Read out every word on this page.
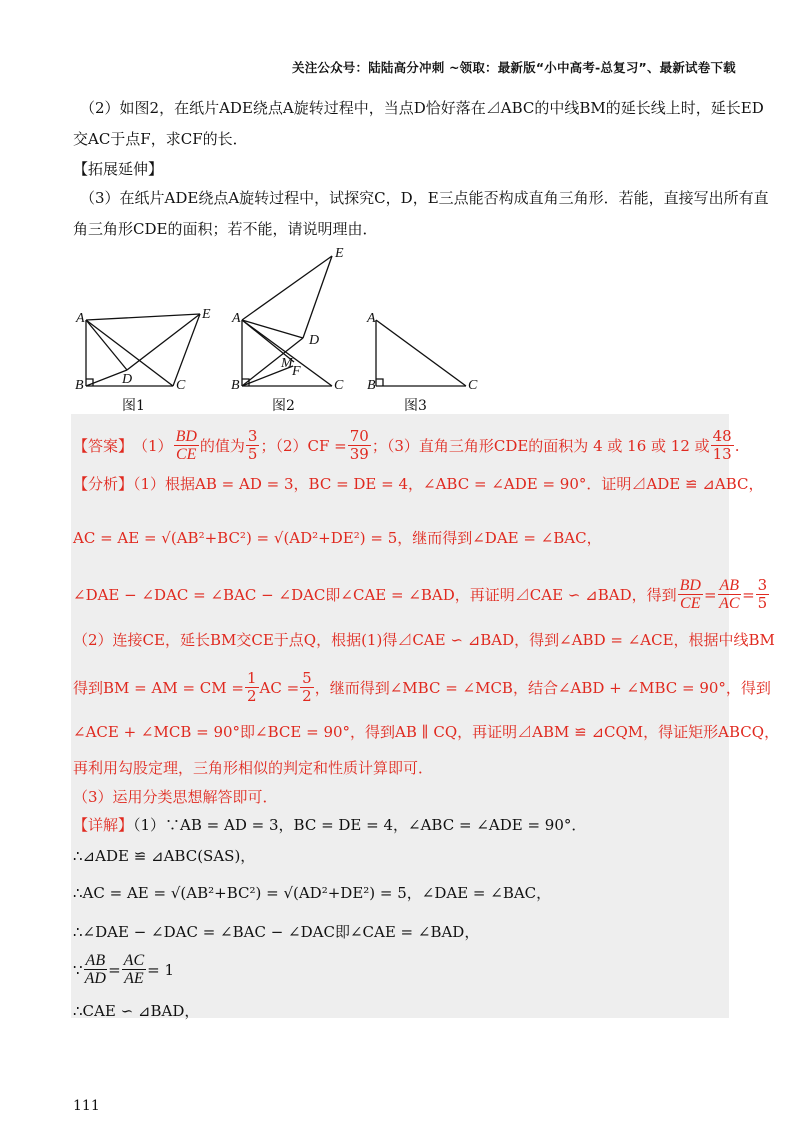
关注公众号：陆陆高分冲刺 ~领取：最新版“小中高考-总复习”、最新试卷下载
（2）如图2，在纸片ADE绕点A旋转过程中，当点D恰好落在⊿ABC的中线BM的延长线上时，延长ED
交AC于点F，求CF的长．
【拓展延伸】
（3）在纸片ADE绕点A旋转过程中，试探究C，D，E三点能否构成直角三角形．若能，直接写出所有直
角三角形CDE的面积；若不能，请说明理由．
A	E
B	D	C
E
A
D
M
F
B	C
A
B	C
图1	图2	图3
【答案】 $(1) \frac{BD}{CE}$ 的值为 $\frac{3}{5}$ ；$(2)CF = \frac{70}{39}$ ；（3）直角三角形CDE的面积为 4 或 16 或 12 或 $\frac{48}{13}$ .
【分析】（1）根据AB = AD = 3，BC = DE = 4，∠ABC = ∠ADE = 90°．证明⊿ADE ≌ ⊿ABC，
AC = AE = √(AB²+BC²) = √(AD²+DE²) = 5，继而得到∠DAE = ∠BAC，
∠DAE − ∠DAC = ∠BAC − ∠DAC即∠CAE = ∠BAD，再证明⊿CAE ∽ ⊿BAD，得到 $\frac{BD}{CE} = \frac{AB}{AC} = \frac{3}{5}$
（2）连接CE，延长BM交CE于点Q，根据(1)得⊿CAE ∽ ⊿BAD，得到∠ABD = ∠ACE，根据中线BM
得到BM = AM = CM = $\frac{1}{2}$ AC = $\frac{5}{2}$ ，继而得到∠MBC = ∠MCB，结合∠ABD + ∠MBC = 90°，得到
∠ACE + ∠MCB = 90°即∠BCE = 90°，得到AB ∥ CQ，再证明⊿ABM ≌ ⊿CQM，得证矩形ABCQ，
再利用勾股定理，三角形相似的判定和性质计算即可．
（3）运用分类思想解答即可．
【详解】（1）∵AB = AD = 3，BC = DE = 4，∠ABC = ∠ADE = 90°．
∴⊿ADE ≌ ⊿ABC(SAS)，
∴AC = AE = √(AB²+BC²) = √(AD²+DE²) = 5，∠DAE = ∠BAC，
∴∠DAE − ∠DAC = ∠BAC − ∠DAC即∠CAE = ∠BAD，
∵ $\frac{AB}{AD} = \frac{AC}{AE} = 1$
∴CAE ∽ ⊿BAD，
111
